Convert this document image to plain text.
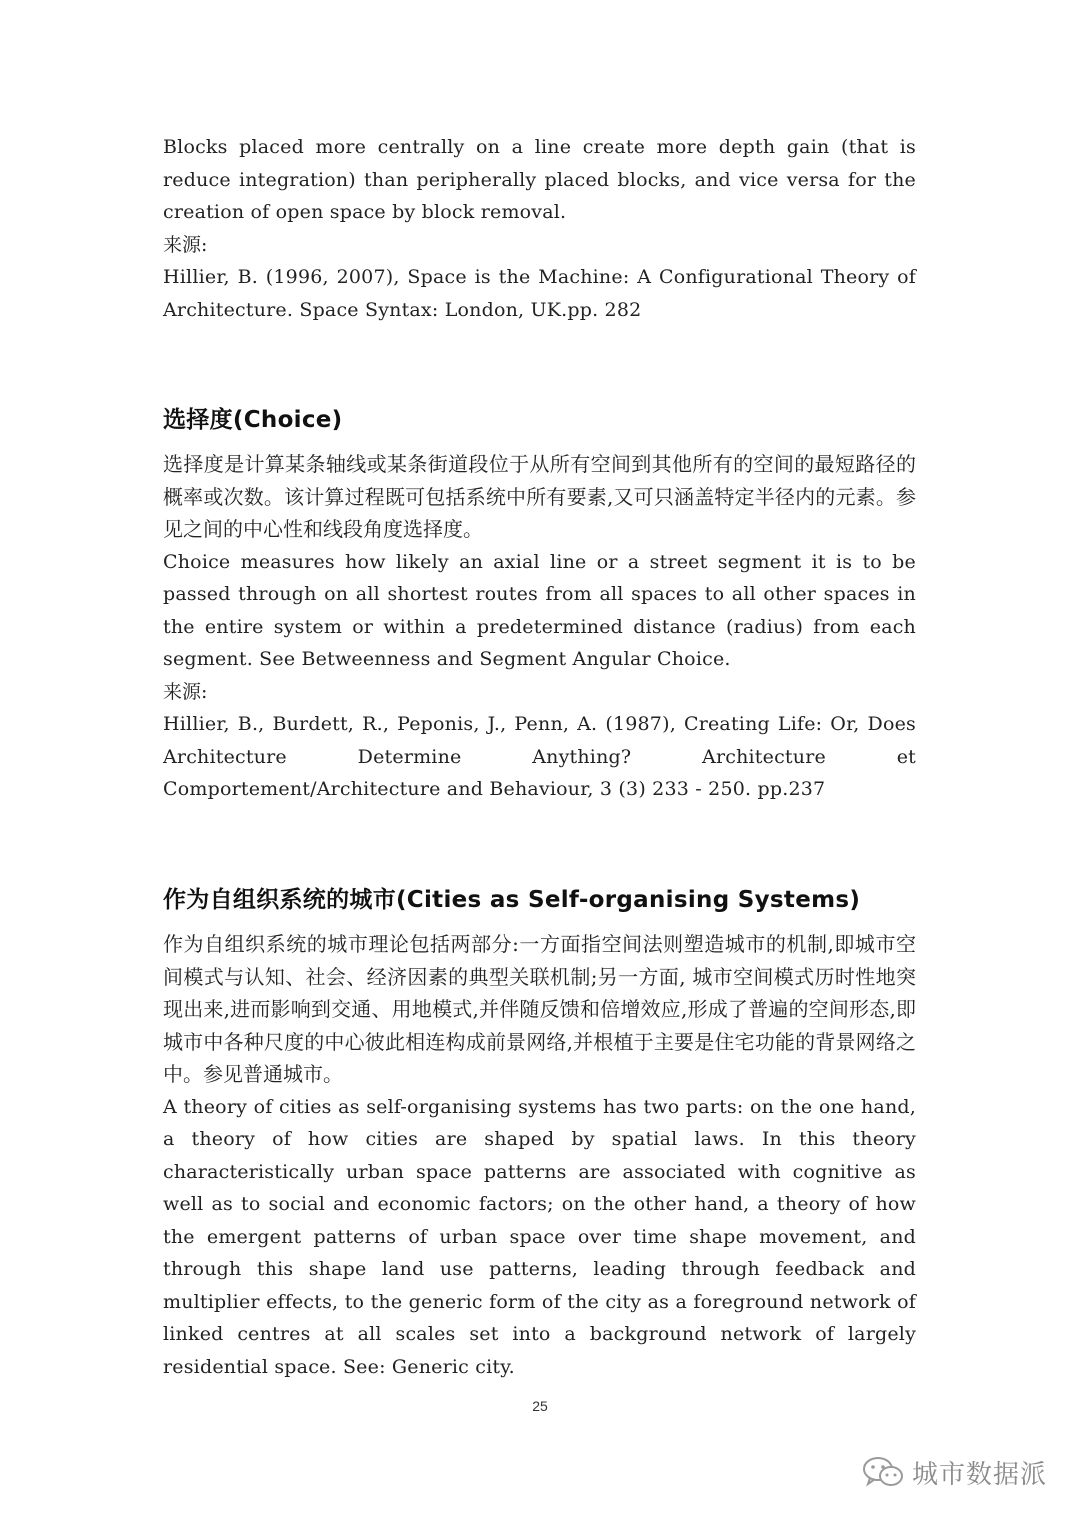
Blocks placed more centrally on a line create more depth gain (that is reduce integration) than peripherally placed blocks, and vice versa for the creation of open space by block removal.

来源:

Hillier, B. (1996, 2007), Space is the Machine: A Configurational Theory of Architecture. Space Syntax: London, UK.pp. 282

选择度(Choice)

选择度是计算某条轴线或某条街道段位于从所有空间到其他所有的空间的最短路径的概率或次数。该计算过程既可包括系统中所有要素,又可只涵盖特定半径内的元素。参见之间的中心性和线段角度选择度。

Choice measures how likely an axial line or a street segment it is to be passed through on all shortest routes from all spaces to all other spaces in the entire system or within a predetermined distance (radius) from each segment. See Betweenness and Segment Angular Choice.

来源:

Hillier, B., Burdett, R., Peponis, J., Penn, A. (1987), Creating Life: Or, Does Architecture Determine Anything? Architecture et Comportement/Architecture and Behaviour, 3 (3) 233 - 250. pp.237

作为自组织系统的城市(Cities as Self-organising Systems)

作为自组织系统的城市理论包括两部分:一方面指空间法则塑造城市的机制,即城市空间模式与认知、社会、经济因素的典型关联机制;另一方面, 城市空间模式历时性地突现出来,进而影响到交通、用地模式,并伴随反馈和倍增效应,形成了普遍的空间形态,即城市中各种尺度的中心彼此相连构成前景网络,并根植于主要是住宅功能的背景网络之中。参见普通城市。

A theory of cities as self-organising systems has two parts: on the one hand, a theory of how cities are shaped by spatial laws. In this theory characteristically urban space patterns are associated with cognitive as well as to social and economic factors; on the other hand, a theory of how the emergent patterns of urban space over time shape movement, and through this shape land use patterns, leading through feedback and multiplier effects, to the generic form of the city as a foreground network of linked centres at all scales set into a background network of largely residential space. See: Generic city.

25
城市数据派
